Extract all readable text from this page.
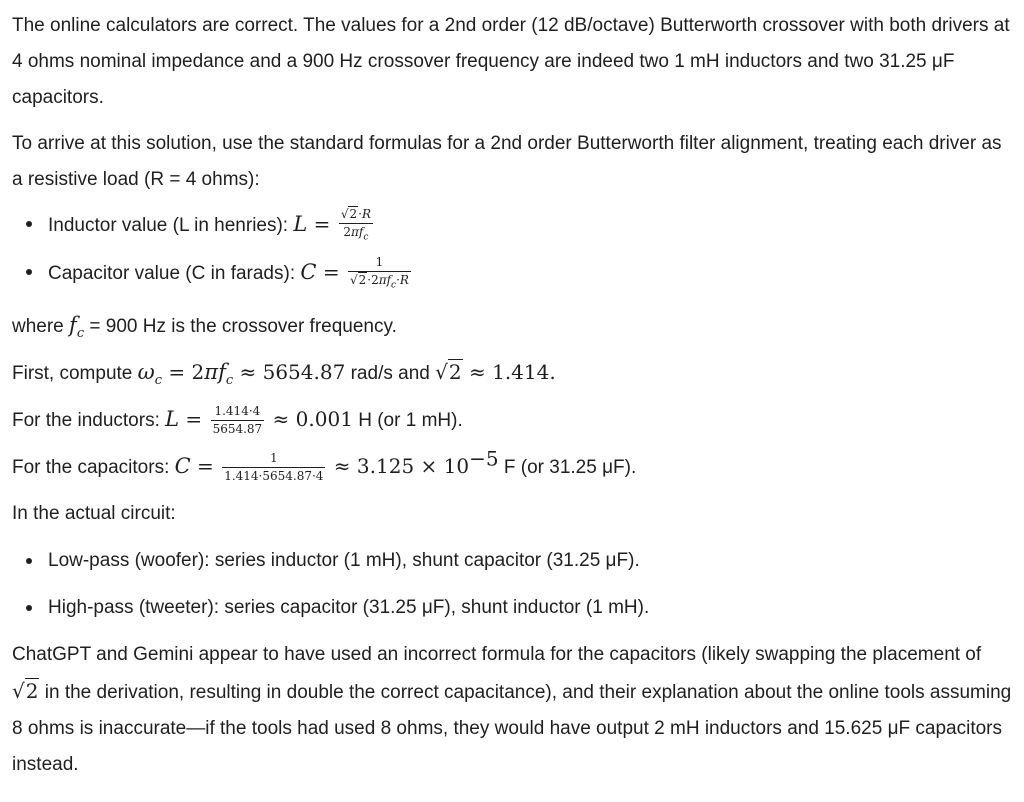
The online calculators are correct. The values for a 2nd order (12 dB/octave) Butterworth crossover with both drivers at 4 ohms nominal impedance and a 900 Hz crossover frequency are indeed two 1 mH inductors and two 31.25 μF capacitors.

To arrive at this solution, use the standard formulas for a 2nd order Butterworth filter alignment, treating each driver as a resistive load (R = 4 ohms):

Inductor value (L in henries): $L = \frac{√2\cdot R}{2\pi f_c}$
Capacitor value (C in farads): $C = \frac{1}{√2\cdot 2\pi f_c\cdot R}$

where $f_c = 900$ Hz is the crossover frequency.

First, compute $\omega_c = 2\pi f_c \approx 5654.87$ rad/s and √2 ≈ 1.414.

For the inductors: $L = \frac{1.414\cdot 4}{5654.87} \approx 0.001$ H (or 1 mH).

For the capacitors: $C = \frac{1}{1.414\cdot 5654.87\cdot 4} \approx 3.125 \times 10^{-5}$ F (or 31.25 μF).

In the actual circuit:

Low-pass (woofer): series inductor (1 mH), shunt capacitor (31.25 μF).
High-pass (tweeter): series capacitor (31.25 μF), shunt inductor (1 mH).

ChatGPT and Gemini appear to have used an incorrect formula for the capacitors (likely swapping the placement of √2 in the derivation, resulting in double the correct capacitance), and their explanation about the online tools assuming 8 ohms is inaccurate—if the tools had used 8 ohms, they would have output 2 mH inductors and 15.625 μF capacitors instead.
